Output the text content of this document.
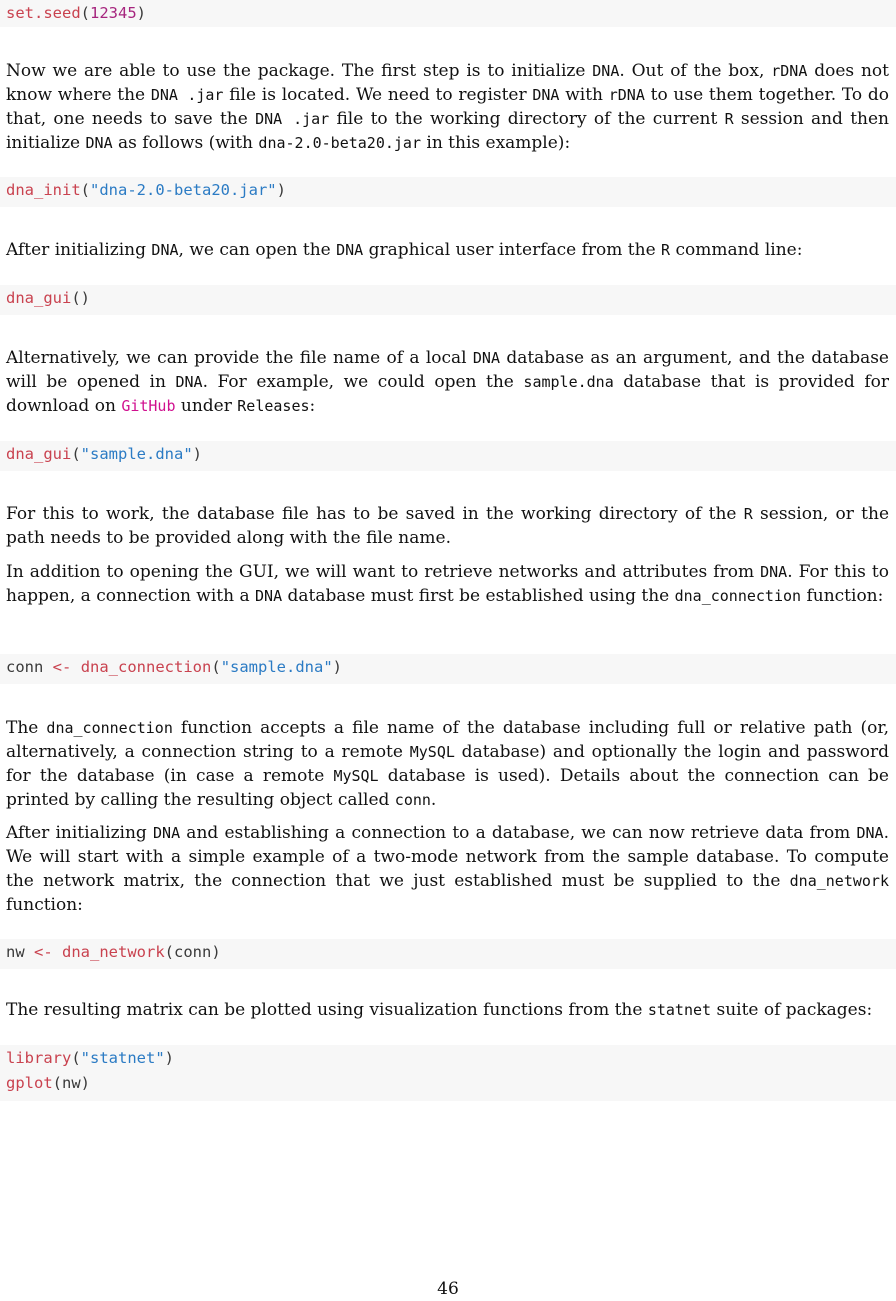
set.seed(12345)
Now we are able to use the package. The first step is to initialize DNA. Out of the box, rDNA does not know where the DNA .jar file is located. We need to register DNA with rDNA to use them together. To do that, one needs to save the DNA .jar file to the working directory of the current R session and then initialize DNA as follows (with dna-2.0-beta20.jar in this example):
dna_init("dna-2.0-beta20.jar")
After initializing DNA, we can open the DNA graphical user interface from the R command line:
dna_gui()
Alternatively, we can provide the file name of a local DNA database as an argument, and the database will be opened in DNA. For example, we could open the sample.dna database that is provided for download on GitHub under Releases:
dna_gui("sample.dna")
For this to work, the database file has to be saved in the working directory of the R session, or the path needs to be provided along with the file name.
In addition to opening the GUI, we will want to retrieve networks and attributes from DNA. For this to happen, a connection with a DNA database must first be established using the dna_connection function:
conn <- dna_connection("sample.dna")
The dna_connection function accepts a file name of the database including full or relative path (or, alternatively, a connection string to a remote MySQL database) and optionally the login and password for the database (in case a remote MySQL database is used). Details about the connection can be printed by calling the resulting object called conn.
After initializing DNA and establishing a connection to a database, we can now retrieve data from DNA. We will start with a simple example of a two-mode network from the sample database. To compute the network matrix, the connection that we just established must be supplied to the dna_network function:
nw <- dna_network(conn)
The resulting matrix can be plotted using visualization functions from the statnet suite of packages:
library("statnet")
gplot(nw)
46
